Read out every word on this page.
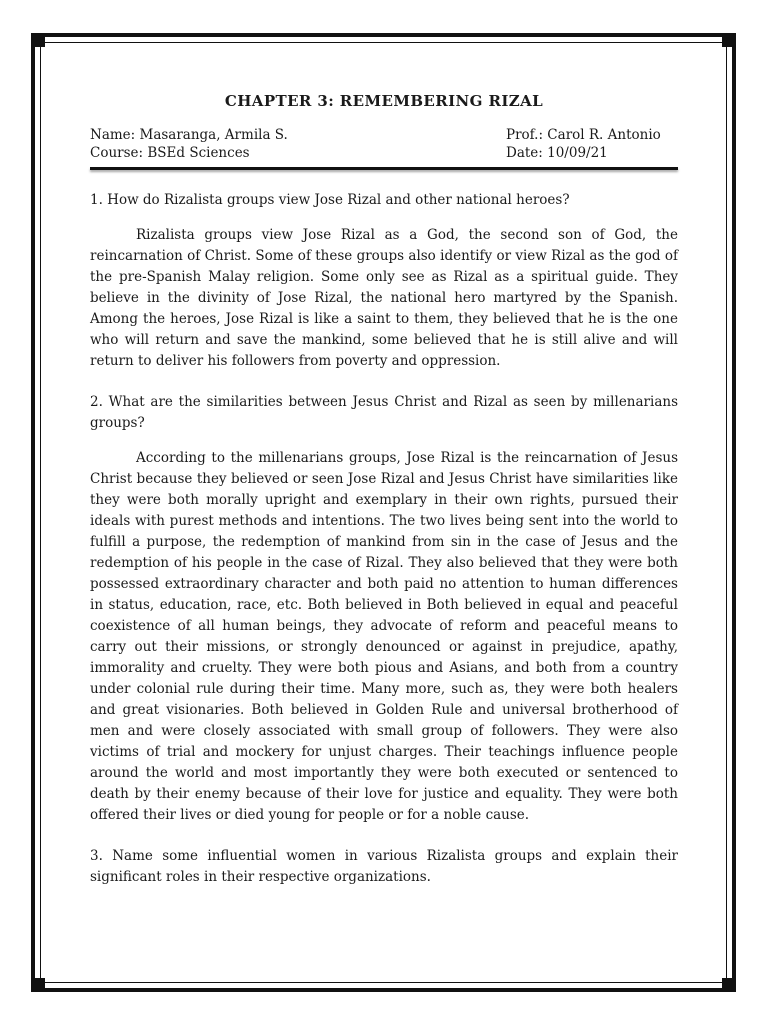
CHAPTER 3: REMEMBERING RIZAL
Name: Masaranga, Armila S.	Prof.: Carol R. Antonio
Course: BSEd Sciences	Date: 10/09/21

1. How do Rizalista groups view Jose Rizal and other national heroes?

Rizalista groups view Jose Rizal as a God, the second son of God, the reincarnation of Christ. Some of these groups also identify or view Rizal as the god of the pre-Spanish Malay religion. Some only see as Rizal as a spiritual guide. They believe in the divinity of Jose Rizal, the national hero martyred by the Spanish. Among the heroes, Jose Rizal is like a saint to them, they believed that he is the one who will return and save the mankind, some believed that he is still alive and will return to deliver his followers from poverty and oppression.

2. What are the similarities between Jesus Christ and Rizal as seen by millenarians groups?

According to the millenarians groups, Jose Rizal is the reincarnation of Jesus Christ because they believed or seen Jose Rizal and Jesus Christ have similarities like they were both morally upright and exemplary in their own rights, pursued their ideals with purest methods and intentions. The two lives being sent into the world to fulfill a purpose, the redemption of mankind from sin in the case of Jesus and the redemption of his people in the case of Rizal. They also believed that they were both possessed extraordinary character and both paid no attention to human differences in status, education, race, etc. Both believed in Both believed in equal and peaceful coexistence of all human beings, they advocate of reform and peaceful means to carry out their missions, or strongly denounced or against in prejudice, apathy, immorality and cruelty. They were both pious and Asians, and both from a country under colonial rule during their time. Many more, such as, they were both healers and great visionaries. Both believed in Golden Rule and universal brotherhood of men and were closely associated with small group of followers. They were also victims of trial and mockery for unjust charges. Their teachings influence people around the world and most importantly they were both executed or sentenced to death by their enemy because of their love for justice and equality. They were both offered their lives or died young for people or for a noble cause.

3. Name some influential women in various Rizalista groups and explain their significant roles in their respective organizations.
